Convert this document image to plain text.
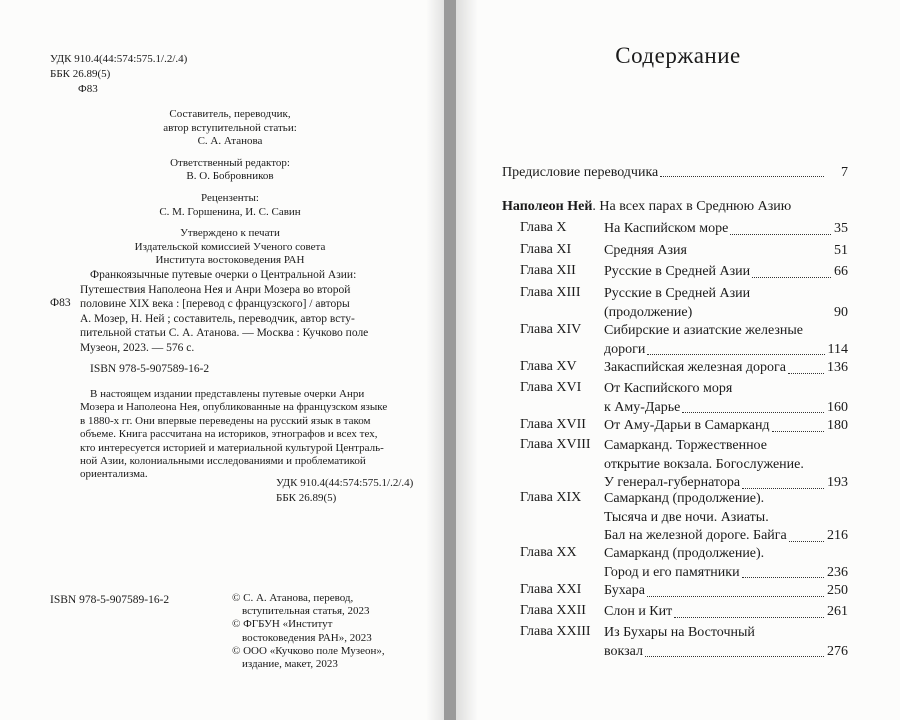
УДК 910.4(44:574:575.1/.2/.4)
ББК 26.89(5)
Ф83
Составитель, переводчик,
автор вступительной статьи:
С. А. Атанова
Ответственный редактор:
В. О. Бобровников
Рецензенты:
С. М. Горшенина, И. С. Савин
Утверждено к печати
Издательской комиссией Ученого совета
Института востоковедения РАН
Ф83
Франкоязычные путевые очерки о Центральной Азии:
Путешествия Наполеона Нея и Анри Мозера во второй
половине XIX века : [перевод с французского] / авторы
А. Мозер, Н. Ней ; составитель, переводчик, автор всту-
пительной статьи С. А. Атанова. — Москва : Кучково поле
Музеон, 2023. — 576 с.
ISBN 978-5-907589-16-2
В настоящем издании представлены путевые очерки Анри
Мозера и Наполеона Нея, опубликованные на французском языке
в 1880-х гг. Они впервые переведены на русский язык в таком
объеме. Книга рассчитана на историков, этнографов и всех тех,
кто интересуется историей и материальной культурой Централь-
ной Азии, колониальными исследованиями и проблематикой
ориентализма.
УДК 910.4(44:574:575.1/.2/.4)
ББК 26.89(5)
ISBN 978-5-907589-16-2	© С. А. Атанова, перевод,
вступительная статья, 2023
© ФГБУН «Институт
востоковедения РАН», 2023
© ООО «Кучково поле Музеон»,
издание, макет, 2023
Содержание
Предисловие переводчика	7
Наполеон Ней. На всех парах в Среднюю Азию
Глава X	На Каспийском море	35
Глава XI	Средняя Азия	51
Глава XII	Русские в Средней Азии	66
Глава XIII	Русские в Средней Азии
(продолжение)	90
Глава XIV	Сибирские и азиатские железные
дороги	114
Глава XV	Закаспийская железная дорога	136
Глава XVI	От Каспийского моря
к Аму-Дарье	160
Глава XVII	От Аму-Дарьи в Самарканд	180
Глава XVIII Самарканд. Торжественное
открытие вокзала. Богослужение.
У генерал-губернатора	193
Глава XIX	Самарканд (продолжение).
Тысяча и две ночи. Азиаты.
Бал на железной дороге. Байга	216
Глава XX	Самарканд (продолжение).
Город и его памятники	236
Глава XXI	Бухара	250
Глава XXII	Слон и Кит	261
Глава XXIII Из Бухары на Восточный
вокзал	276
